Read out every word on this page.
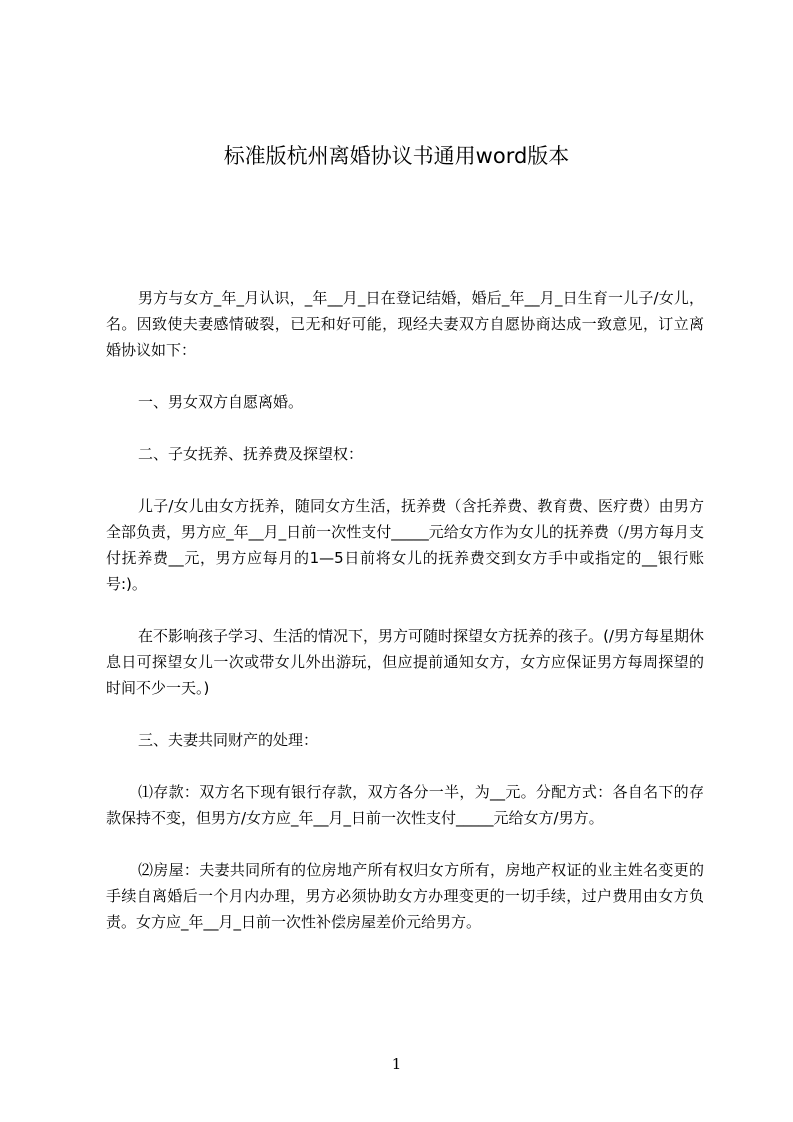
标准版杭州离婚协议书通用word版本

男方与女方_年_月认识，_年__月_日在登记结婚，婚后_年__月_日生育一儿子/女儿，名。因致使夫妻感情破裂，已无和好可能，现经夫妻双方自愿协商达成一致意见，订立离婚协议如下：

一、男女双方自愿离婚。

二、子女抚养、抚养费及探望权：

儿子/女儿由女方抚养，随同女方生活，抚养费（含托养费、教育费、医疗费）由男方全部负责，男方应_年__月_日前一次性支付_____元给女方作为女儿的抚养费（/男方每月支付抚养费__元，男方应每月的1—5日前将女儿的抚养费交到女方手中或指定的__银行账号:)。

在不影响孩子学习、生活的情况下，男方可随时探望女方抚养的孩子。(/男方每星期休息日可探望女儿一次或带女儿外出游玩，但应提前通知女方，女方应保证男方每周探望的时间不少一天。)

三、夫妻共同财产的处理：

⑴存款：双方名下现有银行存款，双方各分一半，为__元。分配方式：各自名下的存款保持不变，但男方/女方应_年__月_日前一次性支付_____元给女方/男方。

⑵房屋：夫妻共同所有的位房地产所有权归女方所有，房地产权证的业主姓名变更的手续自离婚后一个月内办理，男方必须协助女方办理变更的一切手续，过户费用由女方负责。女方应_年__月_日前一次性补偿房屋差价元给男方。

1
